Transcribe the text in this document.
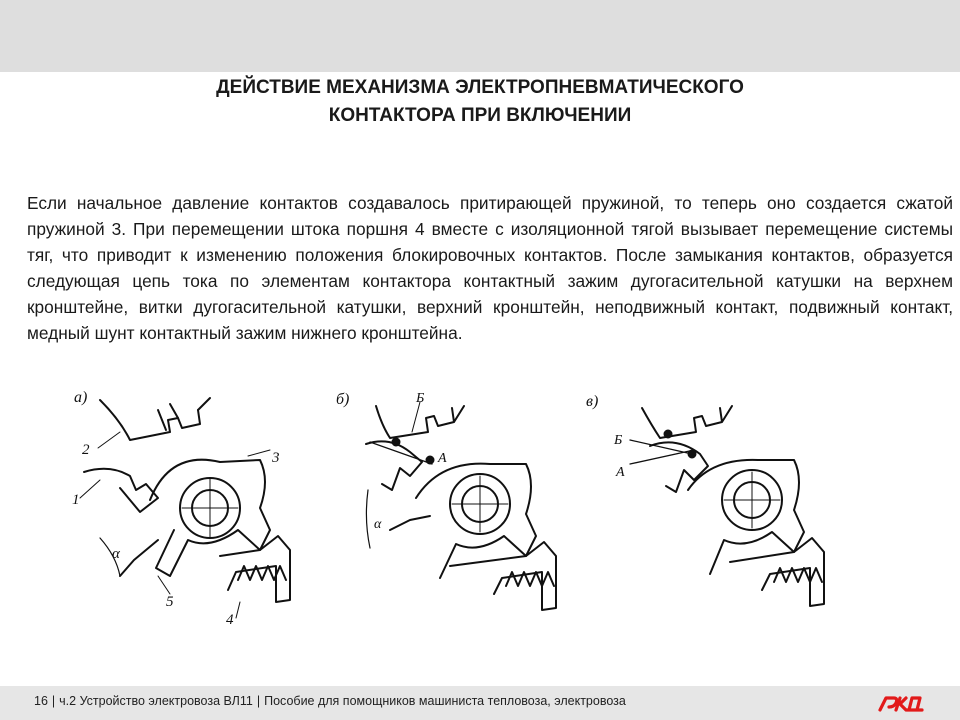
ДЕЙСТВИЕ МЕХАНИЗМА ЭЛЕКТРОПНЕВМАТИЧЕСКОГО
КОНТАКТОРА ПРИ ВКЛЮЧЕНИИ
Если начальное давление контактов создавалось притирающей пружиной, то теперь оно создается сжатой пружиной 3. При перемещении штока поршня 4 вместе с изоляционной тягой вызывает перемещение системы тяг, что приводит к изменению положения блокировочных контактов. После замыкания контактов, образуется следующая цепь тока по элементам контактора контактный зажим дугогасительной катушки на верхнем кронштейне, витки дугогасительной катушки, верхний кронштейн, неподвижный контакт, подвижный контакт, медный шунт контактный зажим нижнего кронштейна.
а)
2	3
1
α
5
4
б)	Б
А
α
в)
Б
А
16 | ч.2 Устройство электровоза ВЛ11 | Пособие для помощников машиниста тепловоза, электровоза
